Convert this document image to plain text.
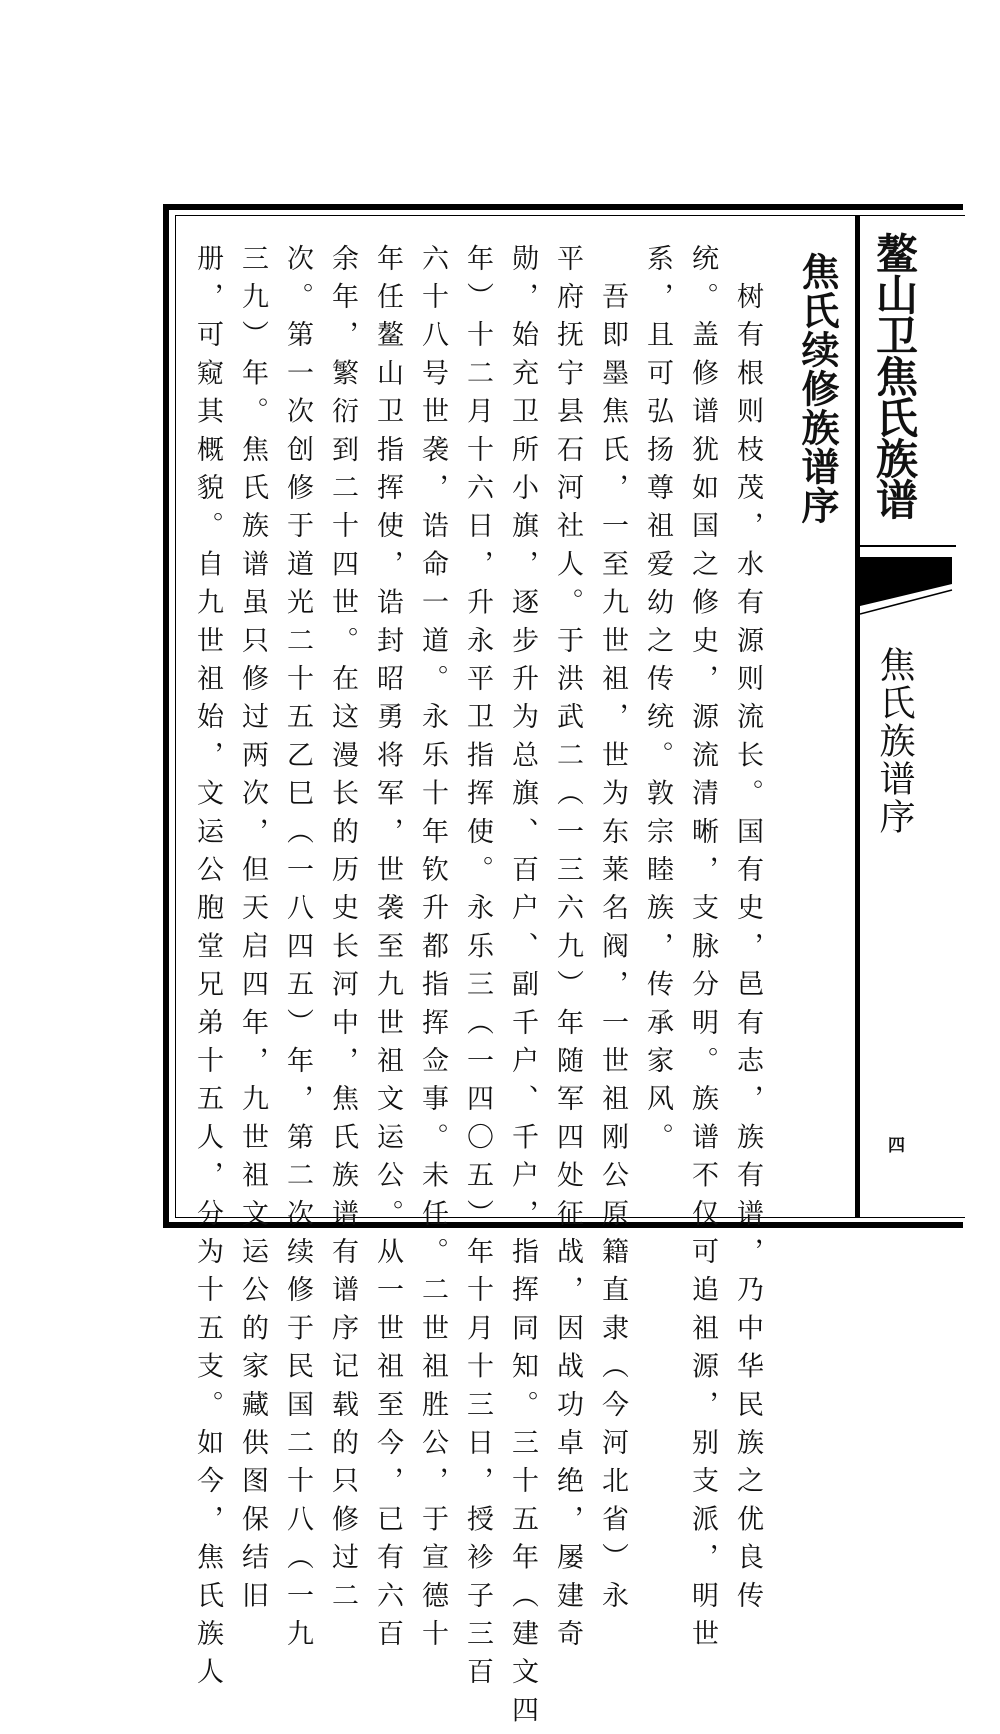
鳌山卫焦氏族谱
焦氏族谱序
四
焦氏续修族谱序
　树有根则枝茂，水有源则流长。国有史，邑有志，族有谱，乃中华民族之优良传
统。盖修谱犹如国之修史，源流清晰，支脉分明。族谱不仅可追祖源，别支派，明世
系，且可弘扬尊祖爱幼之传统。敦宗睦族，传承家风。
　吾即墨焦氏，一至九世祖，世为东莱名阀，一世祖刚公原籍直隶（今河北省）永
平府抚宁县石河社人。于洪武二（一三六九）年随军四处征战，因战功卓绝，屡建奇
勋，始充卫所小旗，逐步升为总旗、百户、副千户、千户，指挥同知。三十五年（建文四
年）十二月十六日，升永平卫指挥使。永乐三（一四〇五）年十月十三日，授袗子三百
六十八号世袭，诰命一道。永乐十年钦升都指挥佥事。未任。二世祖胜公，于宣德十
年任鳌山卫指挥使，诰封昭勇将军，世袭至九世祖文运公。从一世祖至今，已有六百
余年，繁衍到二十四世。在这漫长的历史长河中，焦氏族谱有谱序记载的只修过二
次。第一次创修于道光二十五乙巳（一八四五）年，第二次续修于民国二十八（一九
三九）年。焦氏族谱虽只修过两次，但天启四年，九世祖文运公的家藏供图保结旧
册，可窥其概貌。自九世祖始，文运公胞堂兄弟十五人，分为十五支。如今，焦氏族人
